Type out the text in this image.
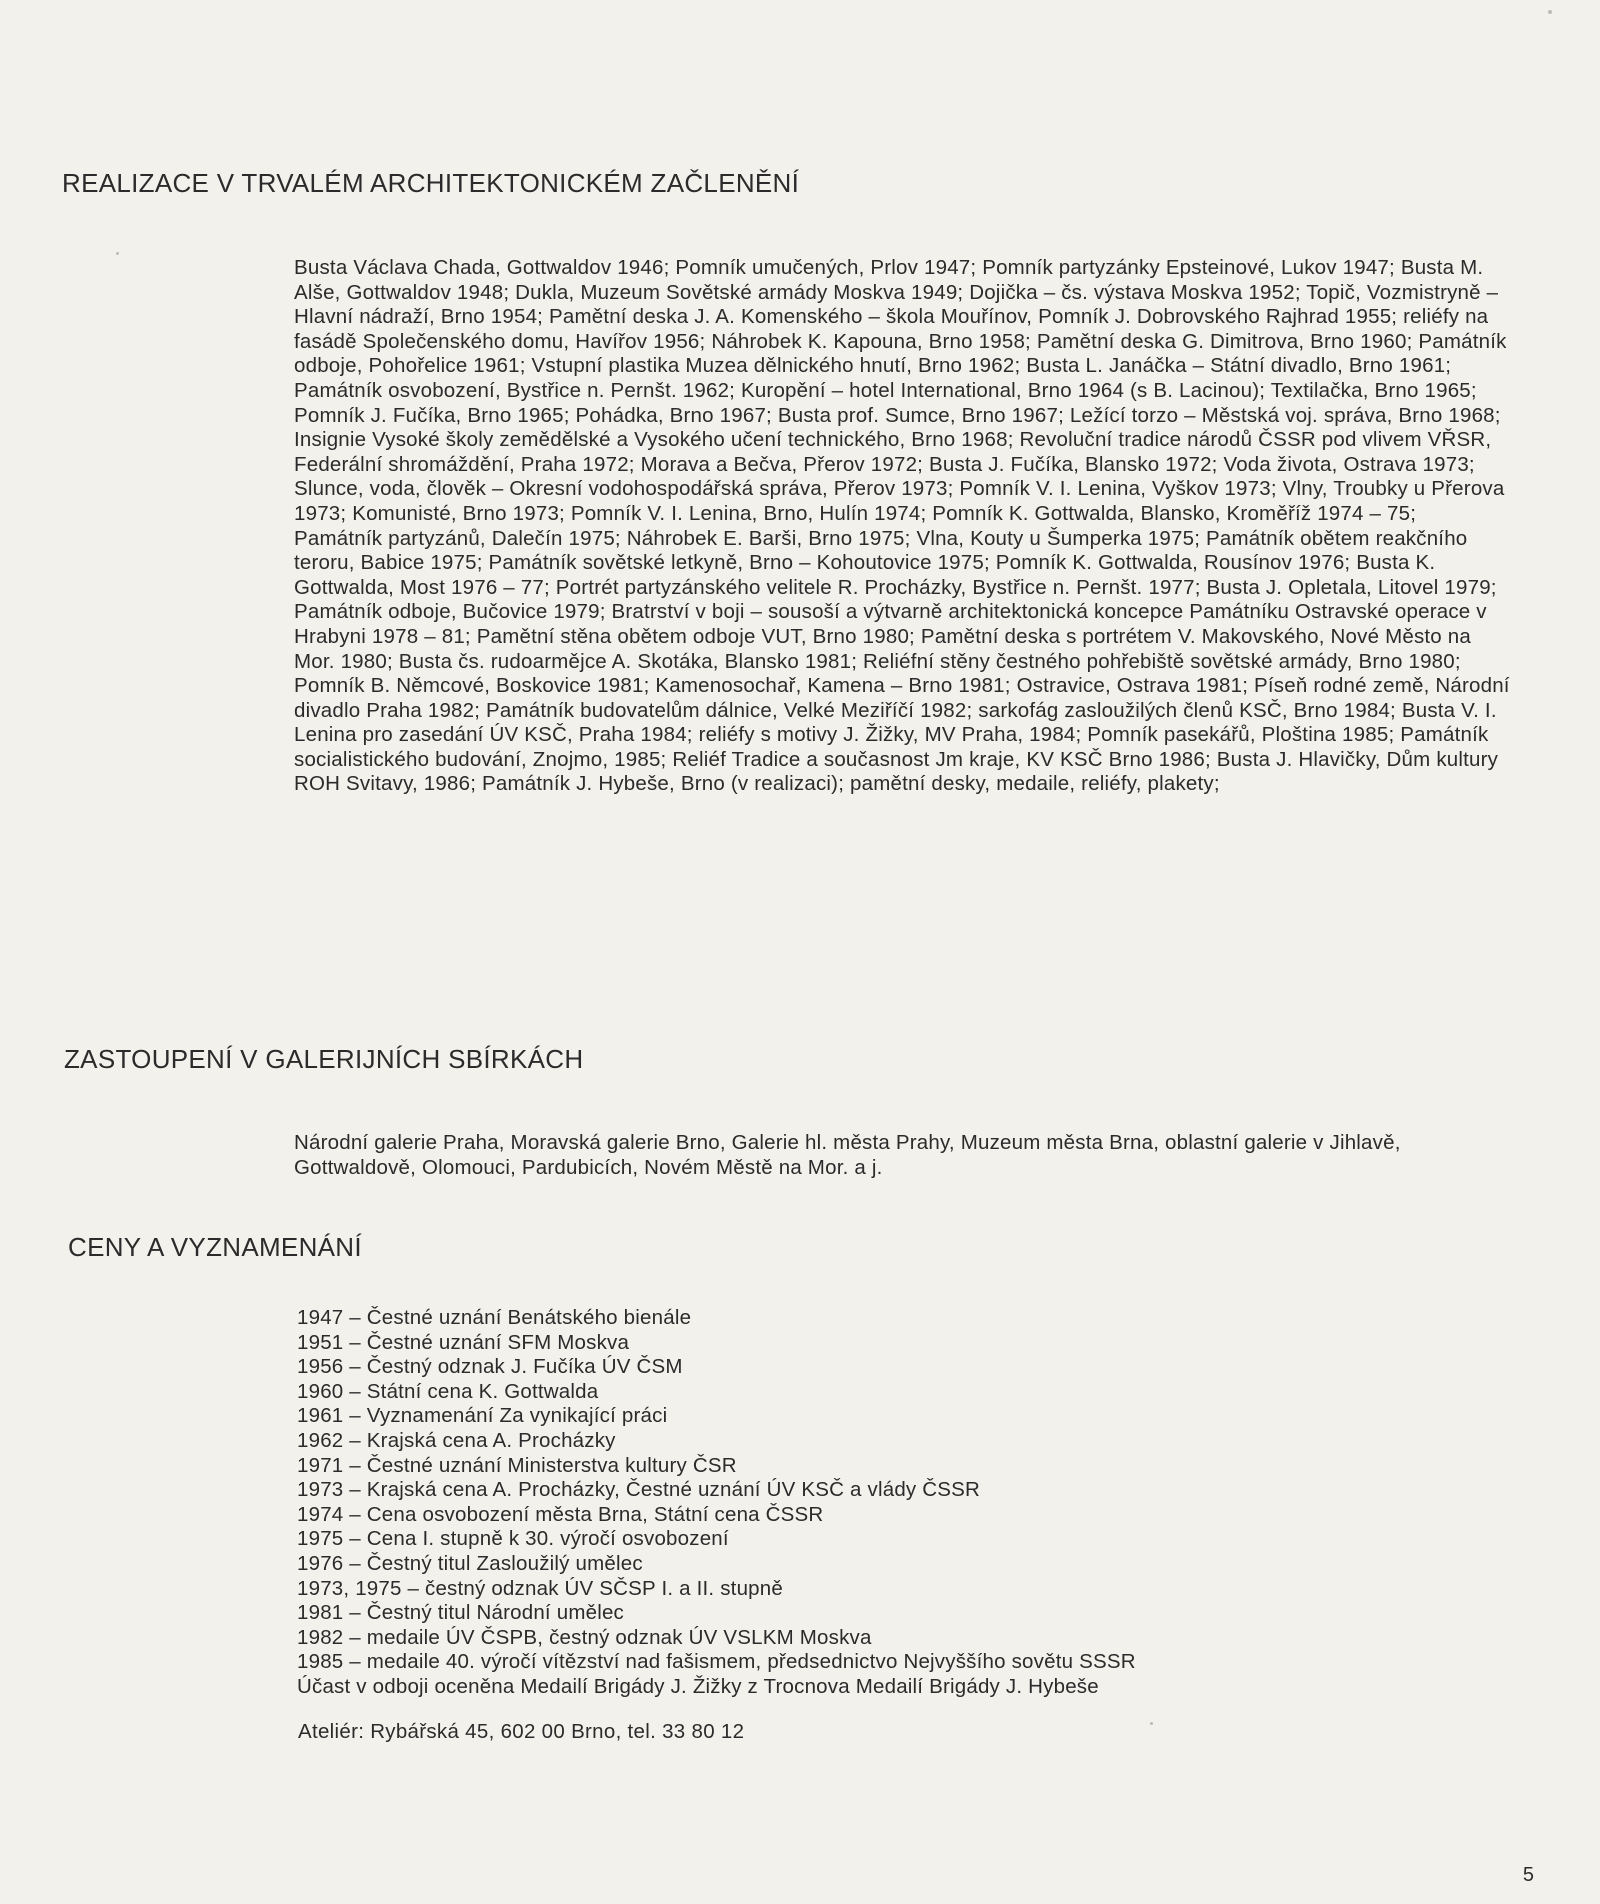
REALIZACE V TRVALÉM ARCHITEKTONICKÉM ZAČLENĚNÍ

Busta Václava Chada, Gottwaldov 1946; Pomník umučených, Prlov 1947; Pomník partyzánky Epsteinové, Lukov 1947; Busta M. Alše, Gottwaldov 1948; Dukla, Muzeum Sovětské armády Moskva 1949; Dojička – čs. výstava Moskva 1952; Topič, Vozmistryně – Hlavní nádraží, Brno 1954; Pamětní deska J. A. Komenského – škola Mouřínov, Pomník J. Dobrovského Rajhrad 1955; reliéfy na fasádě Společenského domu, Havířov 1956; Náhrobek K. Kapouna, Brno 1958; Pamětní deska G. Dimitrova, Brno 1960; Památník odboje, Pohořelice 1961; Vstupní plastika Muzea dělnického hnutí, Brno 1962; Busta L. Janáčka – Státní divadlo, Brno 1961; Památník osvobození, Bystřice n. Pernšt. 1962; Kuropění – hotel International, Brno 1964 (s B. Lacinou); Textilačka, Brno 1965; Pomník J. Fučíka, Brno 1965; Pohádka, Brno 1967; Busta prof. Sumce, Brno 1967; Ležící torzo – Městská voj. správa, Brno 1968; Insignie Vysoké školy zemědělské a Vysokého učení technického, Brno 1968; Revoluční tradice národů ČSSR pod vlivem VŘSR, Federální shromáždění, Praha 1972; Morava a Bečva, Přerov 1972; Busta J. Fučíka, Blansko 1972; Voda života, Ostrava 1973; Slunce, voda, člověk – Okresní vodohospodářská správa, Přerov 1973; Pomník V. I. Lenina, Vyškov 1973; Vlny, Troubky u Přerova 1973; Komunisté, Brno 1973; Pomník V. I. Lenina, Brno, Hulín 1974; Pomník K. Gottwalda, Blansko, Kroměříž 1974 – 75; Památník partyzánů, Dalečín 1975; Náhrobek E. Barši, Brno 1975; Vlna, Kouty u Šumperka 1975; Památník obětem reakčního teroru, Babice 1975; Památník sovětské letkyně, Brno – Kohoutovice 1975; Pomník K. Gottwalda, Rousínov 1976; Busta K. Gottwalda, Most 1976 – 77; Portrét partyzánského velitele R. Procházky, Bystřice n. Pernšt. 1977; Busta J. Opletala, Litovel 1979; Památník odboje, Bučovice 1979; Bratrství v boji – sousoší a výtvarně architektonická koncepce Památníku Ostravské operace v Hrabyni 1978 – 81; Pamětní stěna obětem odboje VUT, Brno 1980; Pamětní deska s portrétem V. Makovského, Nové Město na Mor. 1980; Busta čs. rudoarmějce A. Skotáka, Blansko 1981; Reliéfní stěny čestného pohřebiště sovětské armády, Brno 1980; Pomník B. Němcové, Boskovice 1981; Kamenosochař, Kamena – Brno 1981; Ostravice, Ostrava 1981; Píseň rodné země, Národní divadlo Praha 1982; Památník budovatelům dálnice, Velké Meziříčí 1982; sarkofág zasloužilých členů KSČ, Brno 1984; Busta V. I. Lenina pro zasedání ÚV KSČ, Praha 1984; reliéfy s motivy J. Žižky, MV Praha, 1984; Pomník pasekářů, Ploština 1985; Památník socialistického budování, Znojmo, 1985; Reliéf Tradice a současnost Jm kraje, KV KSČ Brno 1986; Busta J. Hlavičky, Dům kultury ROH Svitavy, 1986; Památník J. Hybeše, Brno (v realizaci); pamětní desky, medaile, reliéfy, plakety;

ZASTOUPENÍ V GALERIJNÍCH SBÍRKÁCH

Národní galerie Praha, Moravská galerie Brno, Galerie hl. města Prahy, Muzeum města Brna, oblastní galerie v Jihlavě, Gottwaldově, Olomouci, Pardubicích, Novém Městě na Mor. a j.

CENY A VYZNAMENÁNÍ
1947 – Čestné uznání Benátského bienále
1951 – Čestné uznání SFM Moskva
1956 – Čestný odznak J. Fučíka ÚV ČSM
1960 – Státní cena K. Gottwalda
1961 – Vyznamenání Za vynikající práci
1962 – Krajská cena A. Procházky
1971 – Čestné uznání Ministerstva kultury ČSR
1973 – Krajská cena A. Procházky, Čestné uznání ÚV KSČ a vlády ČSSR
1974 – Cena osvobození města Brna, Státní cena ČSSR
1975 – Cena I. stupně k 30. výročí osvobození
1976 – Čestný titul Zasloužilý umělec
1973, 1975 – čestný odznak ÚV SČSP I. a II. stupně
1981 – Čestný titul Národní umělec
1982 – medaile ÚV ČSPB, čestný odznak ÚV VSLKM Moskva
1985 – medaile 40. výročí vítězství nad fašismem, předsednictvo Nejvyššího sovětu SSSR
Účast v odboji oceněna Medailí Brigády J. Žižky z Trocnova Medailí Brigády J. Hybeše

Ateliér: Rybářská 45, 602 00 Brno, tel. 33 80 12

5
